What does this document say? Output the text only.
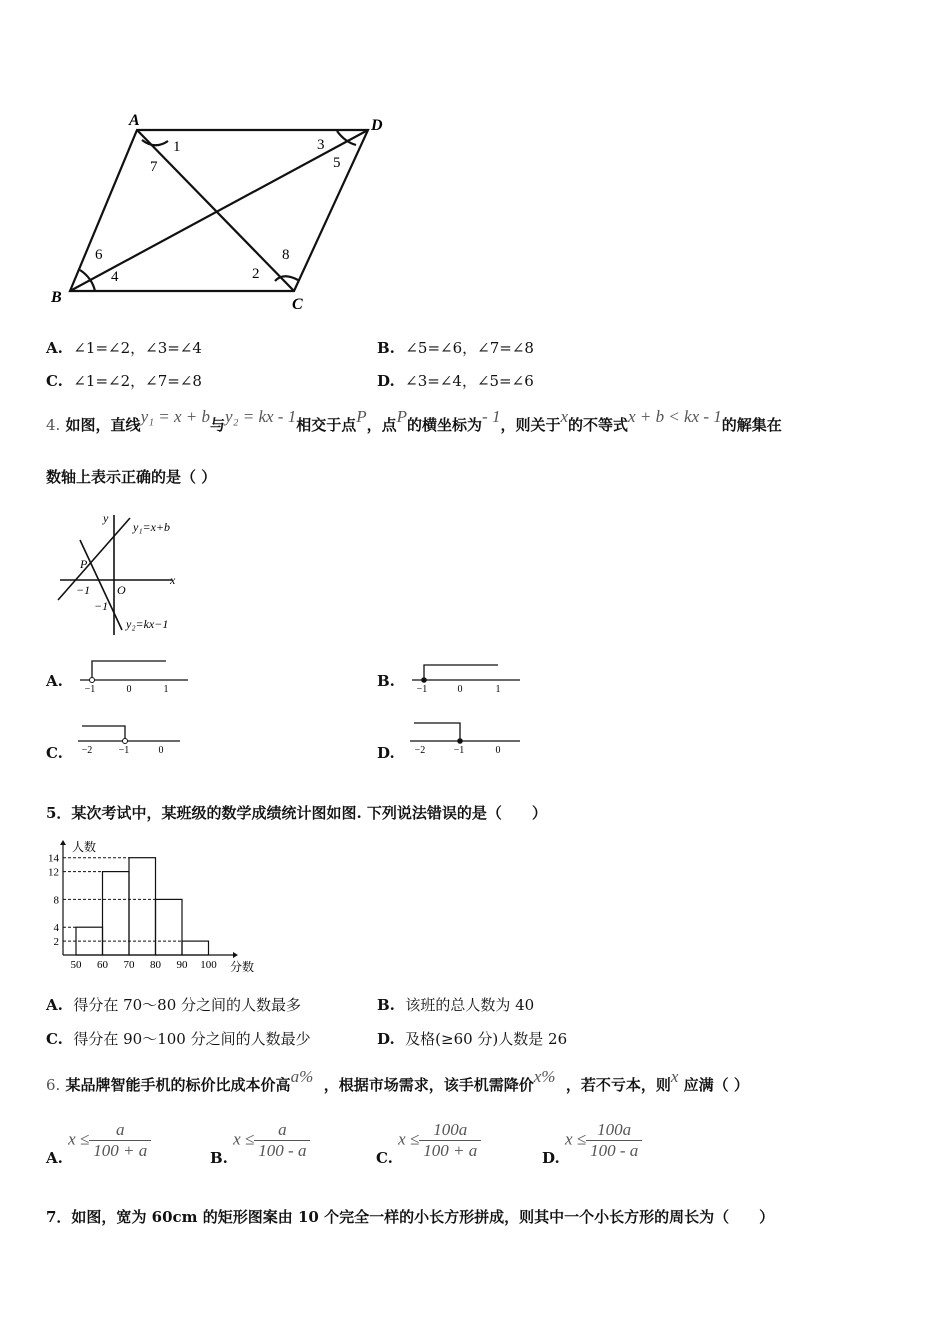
A	D
B	C
1
2
3
4
5
6
7
8
A. ∠1=∠2，∠3=∠4	B. ∠5=∠6，∠7=∠8
C. ∠1=∠2，∠7=∠8	D. ∠3=∠4，∠5=∠6
4. 如图，直线y₁ = x + b与y₂ = kx - 1相交于点P，点P的横坐标为- 1，则关于x的不等式x + b < kx - 1的解集在
数轴上表示正确的是（ ）
y
x
O
P
−1
−1
y₁=x+b
y₂=kx−1
A.	B.
C.	D.
−1	0	1	−1	0	1
−2	−1	0	−2	−1	0
5．某次考试中，某班级的数学成绩统计图如图. 下列说法错误的是（　　）
人数
分数
2
4
8
12
14
50 60 70 80 90 100
A. 得分在 70～80 分之间的人数最多	B. 该班的总人数为 40
C. 得分在 90～100 分之间的人数最少	D. 及格(≥60 分)人数是 26
6. 某品牌智能手机的标价比成本价高a% ，根据市场需求，该手机需降价x% ，若不亏本，则x 应满（ ）
A. $x \le \frac{a}{100 + a}$	B. $x \le \frac{a}{100 - a}$	C. $x \le \frac{100a}{100 + a}$	D. $x \le \frac{100a}{100 - a}$
7．如图，宽为 60cm 的矩形图案由 10 个完全一样的小长方形拼成，则其中一个小长方形的周长为（　　）
